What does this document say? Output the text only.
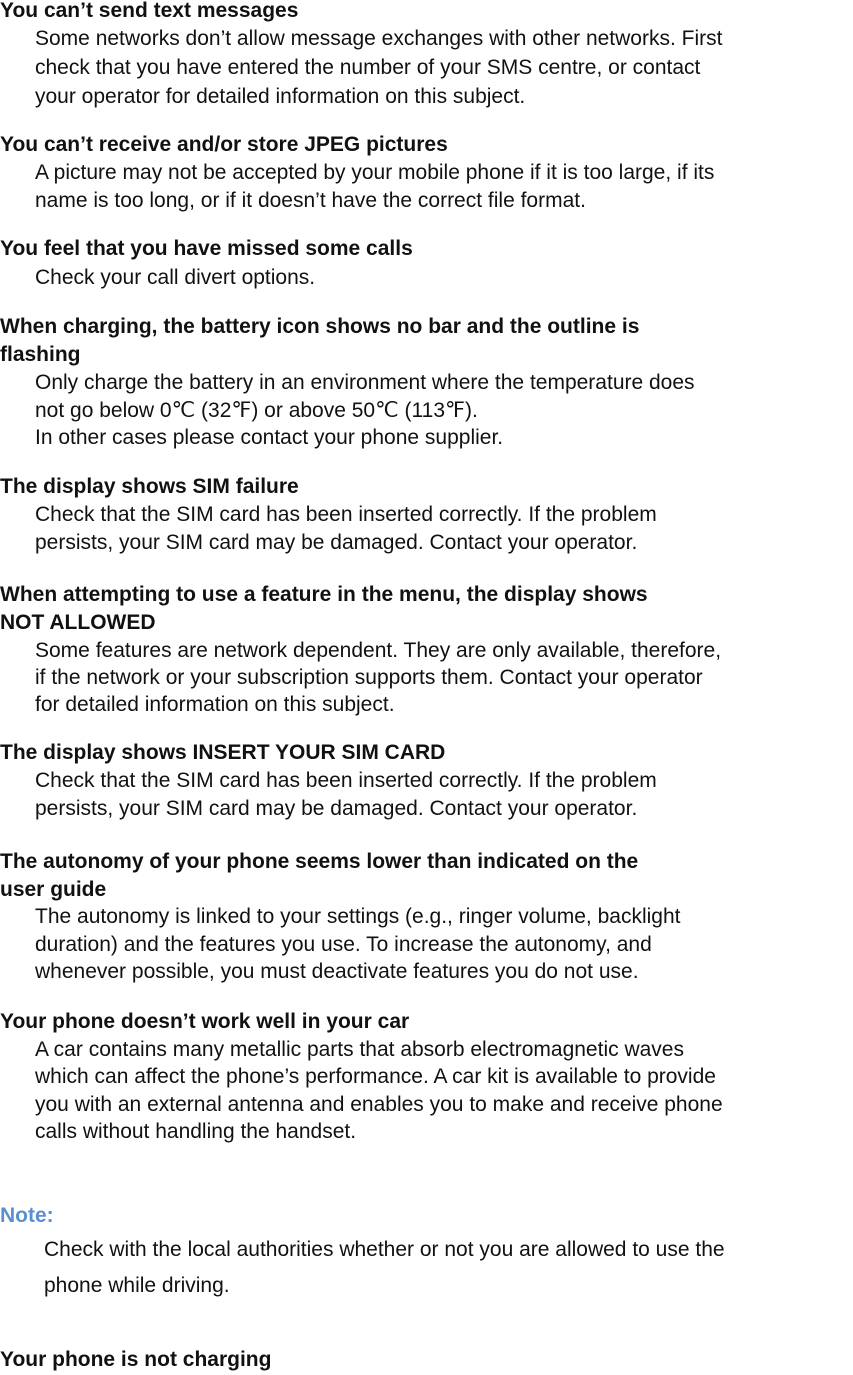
You can’t send text messages
Some networks don’t allow message exchanges with other networks. First
check that you have entered the number of your SMS centre, or contact
your operator for detailed information on this subject.
You can’t receive and/or store JPEG pictures
A picture may not be accepted by your mobile phone if it is too large, if its
name is too long, or if it doesn’t have the correct file format.
You feel that you have missed some calls
Check your call divert options.
When charging, the battery icon shows no bar and the outline is
flashing
Only charge the battery in an environment where the temperature does
not go below 0℃ (32℉) or above 50℃ (113℉).
In other cases please contact your phone supplier.
The display shows SIM failure
Check that the SIM card has been inserted correctly. If the problem
persists, your SIM card may be damaged. Contact your operator.
When attempting to use a feature in the menu, the display shows
NOT ALLOWED
Some features are network dependent. They are only available, therefore,
if the network or your subscription supports them. Contact your operator
for detailed information on this subject.
The display shows INSERT YOUR SIM CARD
Check that the SIM card has been inserted correctly. If the problem
persists, your SIM card may be damaged. Contact your operator.
The autonomy of your phone seems lower than indicated on the
user guide
The autonomy is linked to your settings (e.g., ringer volume, backlight
duration) and the features you use. To increase the autonomy, and
whenever possible, you must deactivate features you do not use.
Your phone doesn’t work well in your car
A car contains many metallic parts that absorb electromagnetic waves
which can affect the phone’s performance. A car kit is available to provide
you with an external antenna and enables you to make and receive phone
calls without handling the handset.
Note:
Check with the local authorities whether or not you are allowed to use the
phone while driving.
Your phone is not charging
